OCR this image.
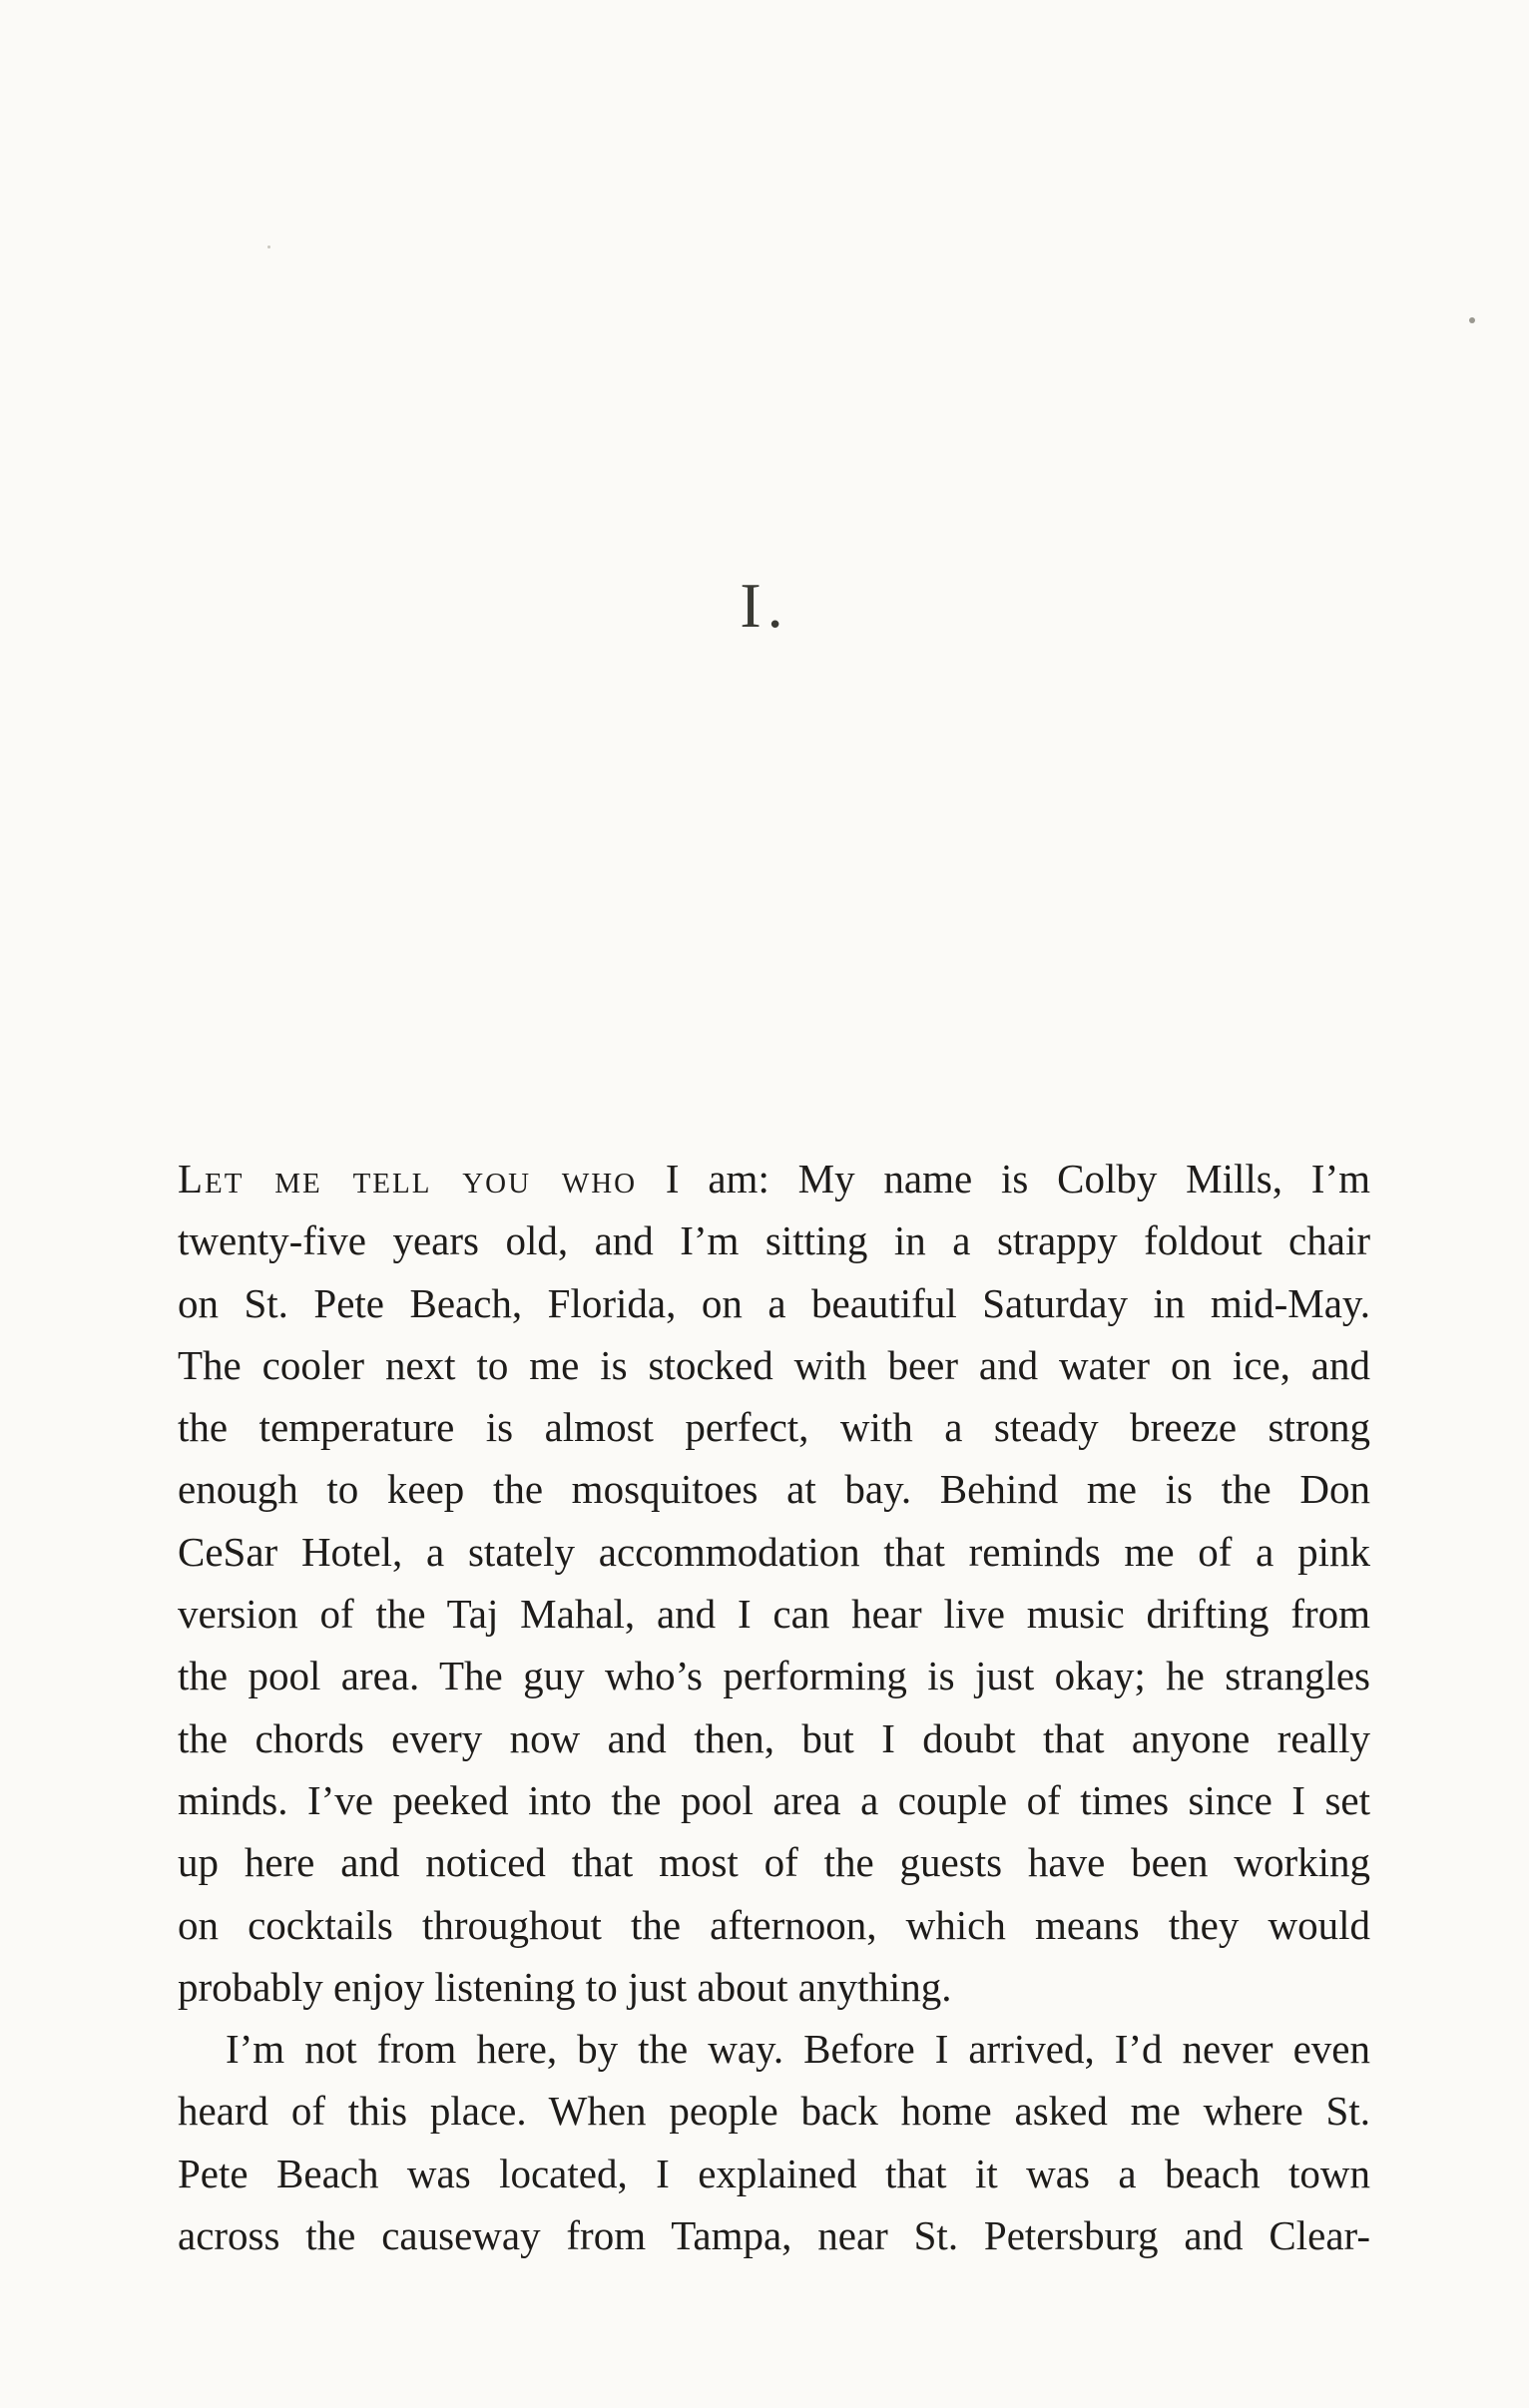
I.

Let me tell you who I am: My name is Colby Mills, I’m
twenty-five years old, and I’m sitting in a strappy foldout chair
on St. Pete Beach, Florida, on a beautiful Saturday in mid-May.
The cooler next to me is stocked with beer and water on ice, and
the temperature is almost perfect, with a steady breeze strong
enough to keep the mosquitoes at bay. Behind me is the Don
CeSar Hotel, a stately accommodation that reminds me of a pink
version of the Taj Mahal, and I can hear live music drifting from
the pool area. The guy who’s performing is just okay; he strangles
the chords every now and then, but I doubt that anyone really
minds. I’ve peeked into the pool area a couple of times since I set
up here and noticed that most of the guests have been working
on cocktails throughout the afternoon, which means they would
probably enjoy listening to just about anything.

I’m not from here, by the way. Before I arrived, I’d never even
heard of this place. When people back home asked me where St.
Pete Beach was located, I explained that it was a beach town
across the causeway from Tampa, near St. Petersburg and Clear-
